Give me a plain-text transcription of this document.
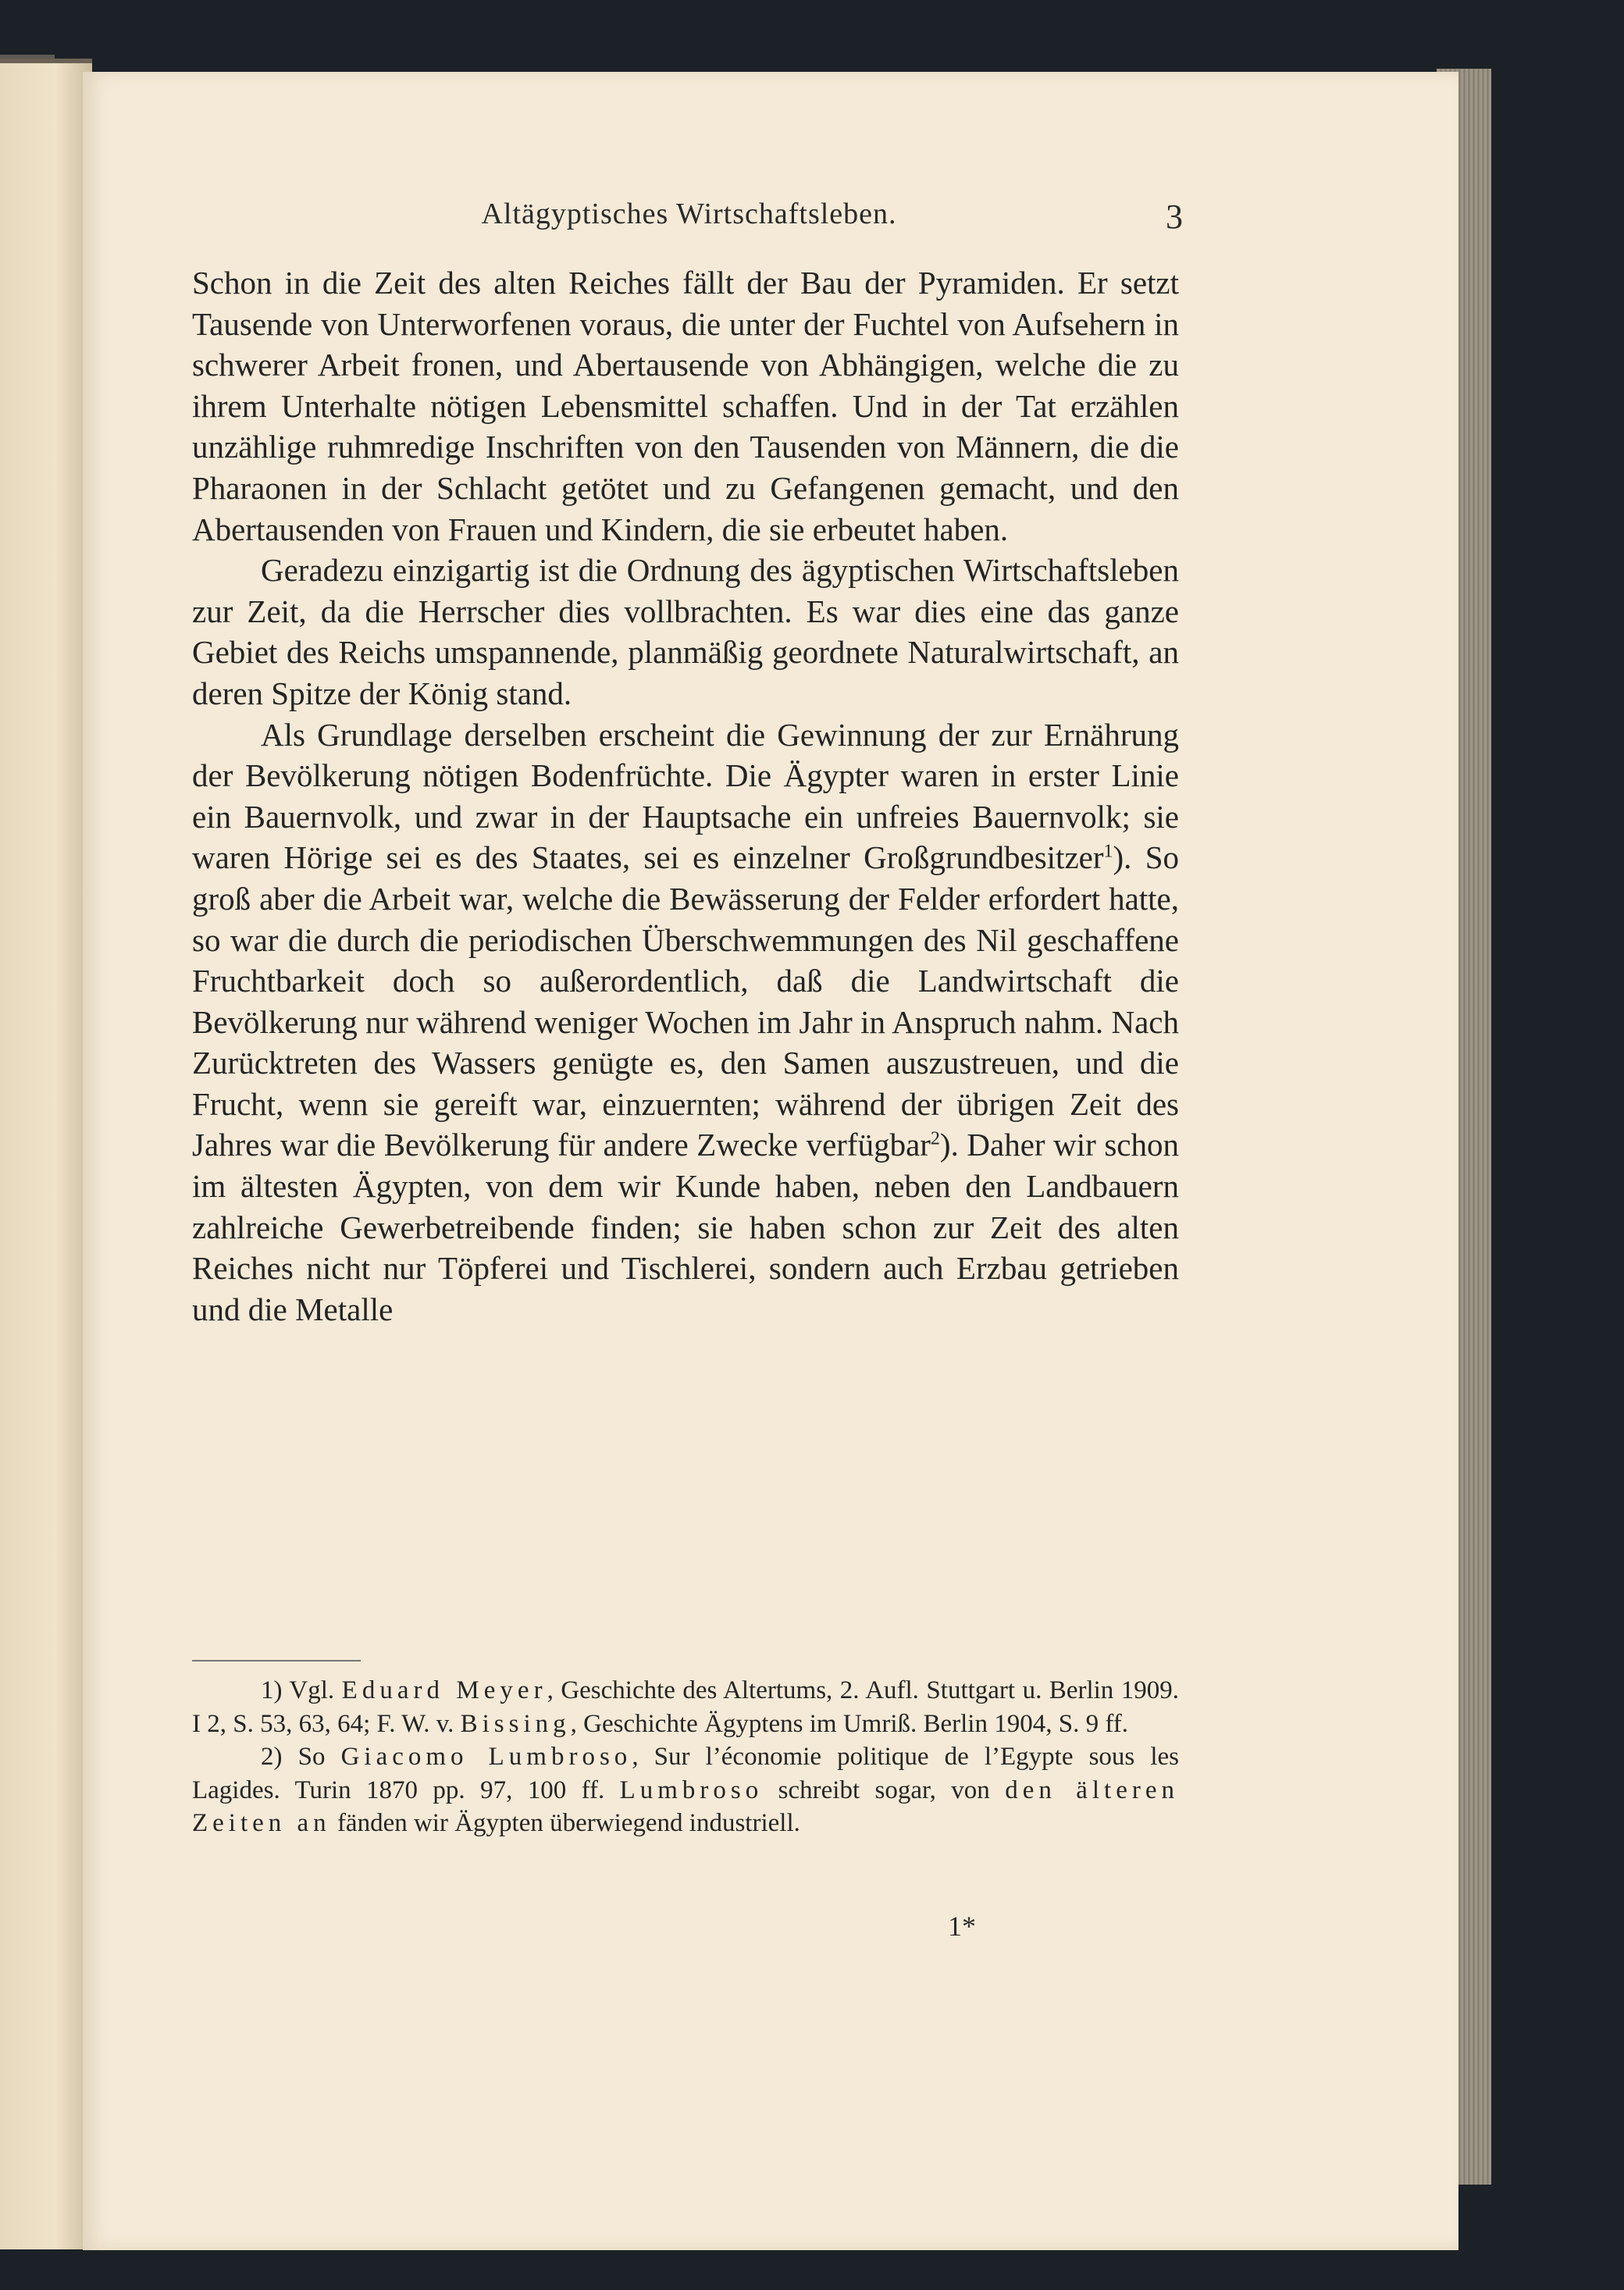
Altägyptisches Wirtschaftsleben.	3

Schon in die Zeit des alten Reiches fällt der Bau der Pyramiden. Er setzt Tausende von Unterworfenen voraus, die unter der Fuchtel von Aufsehern in schwerer Arbeit fronen, und Abertausende von Abhängigen, welche die zu ihrem Unterhalte nötigen Lebensmittel schaffen. Und in der Tat erzählen unzählige ruhmredige Inschriften von den Tausenden von Männern, die die Pharaonen in der Schlacht getötet und zu Gefangenen gemacht, und den Abertausenden von Frauen und Kindern, die sie erbeutet haben.

Geradezu einzigartig ist die Ordnung des ägyptischen Wirtschaftsleben zur Zeit, da die Herrscher dies vollbrachten. Es war dies eine das ganze Gebiet des Reichs umspannende, planmäßig geordnete Naturalwirtschaft, an deren Spitze der König stand.

Als Grundlage derselben erscheint die Gewinnung der zur Ernährung der Bevölkerung nötigen Bodenfrüchte. Die Ägypter waren in erster Linie ein Bauernvolk, und zwar in der Hauptsache ein unfreies Bauernvolk; sie waren Hörige sei es des Staates, sei es einzelner Großgrundbesitzer$^1$). So groß aber die Arbeit war, welche die Bewässerung der Felder erfordert hatte, so war die durch die periodischen Überschwemmungen des Nil geschaffene Fruchtbarkeit doch so außerordentlich, daß die Landwirtschaft die Bevölkerung nur während weniger Wochen im Jahr in Anspruch nahm. Nach Zurücktreten des Wassers genügte es, den Samen auszustreuen, und die Frucht, wenn sie gereift war, einzuernten; während der übrigen Zeit des Jahres war die Bevölkerung für andere Zwecke verfügbar$^2$). Daher wir schon im ältesten Ägypten, von dem wir Kunde haben, neben den Landbauern zahlreiche Gewerbetreibende finden; sie haben schon zur Zeit des alten Reiches nicht nur Töpferei und Tischlerei, sondern auch Erzbau getrieben und die Metalle

1) Vgl. Eduard Meyer, Geschichte des Altertums, 2. Aufl. Stuttgart u. Berlin 1909. I 2, S. 53, 63, 64; F. W. v. Bissing, Geschichte Ägyptens im Umriß. Berlin 1904, S. 9 ff.

2) So Giacomo Lumbroso, Sur l’économie politique de l’Egypte sous les Lagides. Turin 1870 pp. 97, 100 ff. Lumbroso schreibt sogar, von den älteren Zeiten an fänden wir Ägypten überwiegend industriell.

1*
